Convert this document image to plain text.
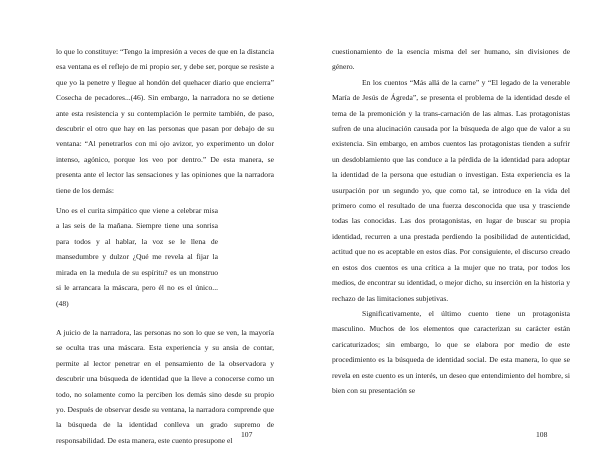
lo que lo constituye: “Tengo la impresión a veces de que en la distancia esa ventana es el reflejo de mi propio ser, y debe ser, porque se resiste a que yo la penetre y llegue al hondón del quehacer diario que encierra” Cosecha de pecadores...(46). Sin embargo, la narradora no se detiene ante esta resistencia y su contemplación le permite también, de paso, descubrir el otro que hay en las personas que pasan por debajo de su ventana: “Al penetrarlos con mi ojo avizor, yo experimento un dolor intenso, agónico, porque los veo por dentro.” De esta manera, se presenta ante el lector las sensaciones y las opiniones que la narradora tiene de los demás:

Uno es el curita simpático que viene a celebrar misa a las seis de la mañana. Siempre tiene una sonrisa para todos y al hablar, la voz se le llena de mansedumbre y dulzor ¿Qué me revela al fijar la mirada en la medula de su espíritu? es un monstruo si le arrancara la máscara, pero él no es el único... (48)

A juicio de la narradora, las personas no son lo que se ven, la mayoría se oculta tras una máscara. Esta experiencia y su ansia de contar, permite al lector penetrar en el pensamiento de la observadora y descubrir una búsqueda de identidad que la lleve a conocerse como un todo, no solamente como la perciben los demás sino desde su propio yo. Después de observar desde su ventana, la narradora comprende que la búsqueda de la identidad conlleva un grado supremo de responsabilidad. De esta manera, este cuento presupone el

107

cuestionamiento de la esencia misma del ser humano, sin divisiones de género.

En los cuentos “Más allá de la carne” y “El legado de la venerable María de Jesús de Ágreda”, se presenta el problema de la identidad desde el tema de la premonición y la trans-carnación de las almas. Las protagonistas sufren de una alucinación causada por la búsqueda de algo que de valor a su existencia. Sin embargo, en ambos cuentos las protagonistas tienden a sufrir un desdoblamiento que las conduce a la pérdida de la identidad para adoptar la identidad de la persona que estudian o investigan. Esta experiencia es la usurpación por un segundo yo, que como tal, se introduce en la vida del primero como el resultado de una fuerza desconocida que usa y trasciende todas las conocidas. Las dos protagonistas, en lugar de buscar su propia identidad, recurren a una prestada perdiendo la posibilidad de autenticidad, actitud que no es aceptable en estos días. Por consiguiente, el discurso creado en estos dos cuentos es una crítica a la mujer que no trata, por todos los medios, de encontrar su identidad, o mejor dicho, su inserción en la historia y rechazo de las limitaciones subjetivas.

Significativamente, el último cuento tiene un protagonista masculino. Muchos de los elementos que caracterizan su carácter están caricaturizados; sin embargo, lo que se elabora por medio de este procedimiento es la búsqueda de identidad social. De esta manera, lo que se revela en este cuento es un interés, un deseo que entendimiento del hombre, si bien con su presentación se

108
